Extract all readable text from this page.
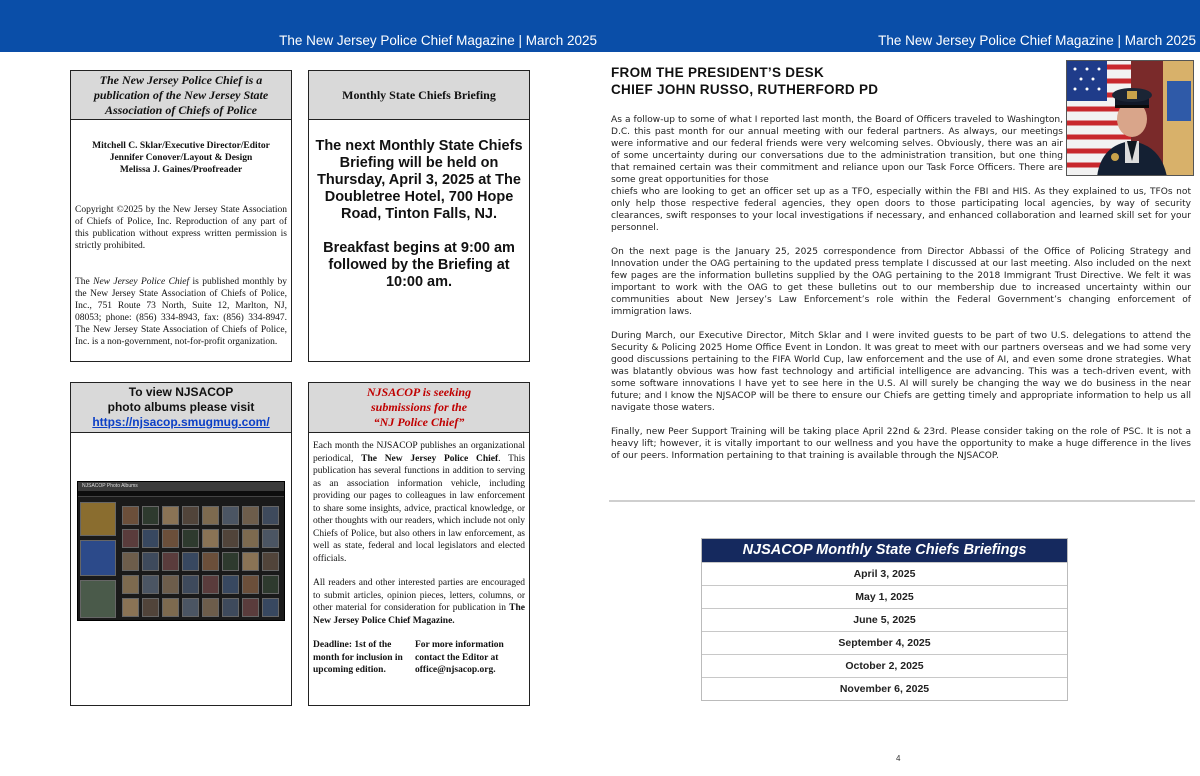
The New Jersey Police Chief Magazine | March 2025	The New Jersey Police Chief Magazine | March 2025
The New Jersey Police Chief is a publication of the New Jersey State Association of Chiefs of Police
Mitchell C. Sklar/Executive Director/Editor
Jennifer Conover/Layout & Design
Melissa J. Gaines/Proofreader

Copyright ©2025 by the New Jersey State Association of Chiefs of Police, Inc. Reproduction of any part of this publication without express written permission is strictly prohibited.

The New Jersey Police Chief is published monthly by the New Jersey State Association of Chiefs of Police, Inc., 751 Route 73 North, Suite 12, Marlton, NJ, 08053; phone: (856) 334-8943, fax: (856) 334-8947. The New Jersey State Association of Chiefs of Police, Inc. is a non-government, not-for-profit organization.

Monthly State Chiefs Briefing
The next Monthly State Chiefs Briefing will be held on Thursday, April 3, 2025 at The Doubletree Hotel, 700 Hope Road, Tinton Falls, NJ.
Breakfast begins at 9:00 am followed by the Briefing at 10:00 am.
To view NJSACOP
photo albums please visit
https://njsacop.smugmug.com/
NJSACOP Photo Albums
NJSACOP is seeking
submissions for the
“NJ Police Chief”

Each month the NJSACOP publishes an organizational periodical, The New Jersey Police Chief. This publication has several functions in addition to serving as an association information vehicle, including providing our pages to colleagues in law enforcement to share some insights, advice, practical knowledge, or other thoughts with our readers, which include not only Chiefs of Police, but also others in law enforcement, as well as state, federal and local legislators and elected officials.

All readers and other interested parties are encouraged to submit articles, opinion pieces, letters, columns, or other material for consideration for publication in The New Jersey Police Chief Magazine.

Deadline: 1st of the month for inclusion in upcoming edition.
For more information contact the Editor at office@njsacop.org.
FROM THE PRESIDENT’S DESK
CHIEF JOHN RUSSO, RUTHERFORD PD

As a follow-up to some of what I reported last month, the Board of Officers traveled to Washington, D.C. this past month for our annual meeting with our federal partners. As always, our meetings were informative and our federal friends were very welcoming selves. Obviously, there was an air of some uncertainty during our conversations due to the administration transition, but one thing that remained certain was their commitment and reliance upon our Task Force Officers. There are some great opportunities for those
chiefs who are looking to get an officer set up as a TFO, especially within the FBI and HIS. As they explained to us, TFOs not only help those respective federal agencies, they open doors to those participating local agencies, by way of security clearances, swift responses to your local investigations if necessary, and enhanced collaboration and learned skill set for your personnel.

On the next page is the January 25, 2025 correspondence from Director Abbassi of the Office of Policing Strategy and Innovation under the OAG pertaining to the updated press template I discussed at our last meeting. Also included on the next few pages are the information bulletins supplied by the OAG pertaining to the 2018 Immigrant Trust Directive. We felt it was important to work with the OAG to get these bulletins out to our membership due to increased uncertainty within our communities about New Jersey’s Law Enforcement’s role within the Federal Government’s changing enforcement of immigration laws.

During March, our Executive Director, Mitch Sklar and I were invited guests to be part of two U.S. delegations to attend the Security & Policing 2025 Home Office Event in London. It was great to meet with our partners overseas and we had some very good discussions pertaining to the FIFA World Cup, law enforcement and the use of AI, and even some drone strategies. What was blatantly obvious was how fast technology and artificial intelligence are advancing. This was a tech-driven event, with some software innovations I have yet to see here in the U.S. AI will surely be changing the way we do business in the near future; and I know the NJSACOP will be there to ensure our Chiefs are getting timely and appropriate information to help us all navigate those waters.

Finally, new Peer Support Training will be taking place April 22nd & 23rd. Please consider taking on the role of PSC. It is not a heavy lift; however, it is vitally important to our wellness and you have the opportunity to make a huge difference in the lives of our peers. Information pertaining to that training is available through the NJSACOP.

NJSACOP Monthly State Chiefs Briefings
April 3, 2025
May 1, 2025
June 5, 2025
September 4, 2025
October 2, 2025
November 6, 2025
4
